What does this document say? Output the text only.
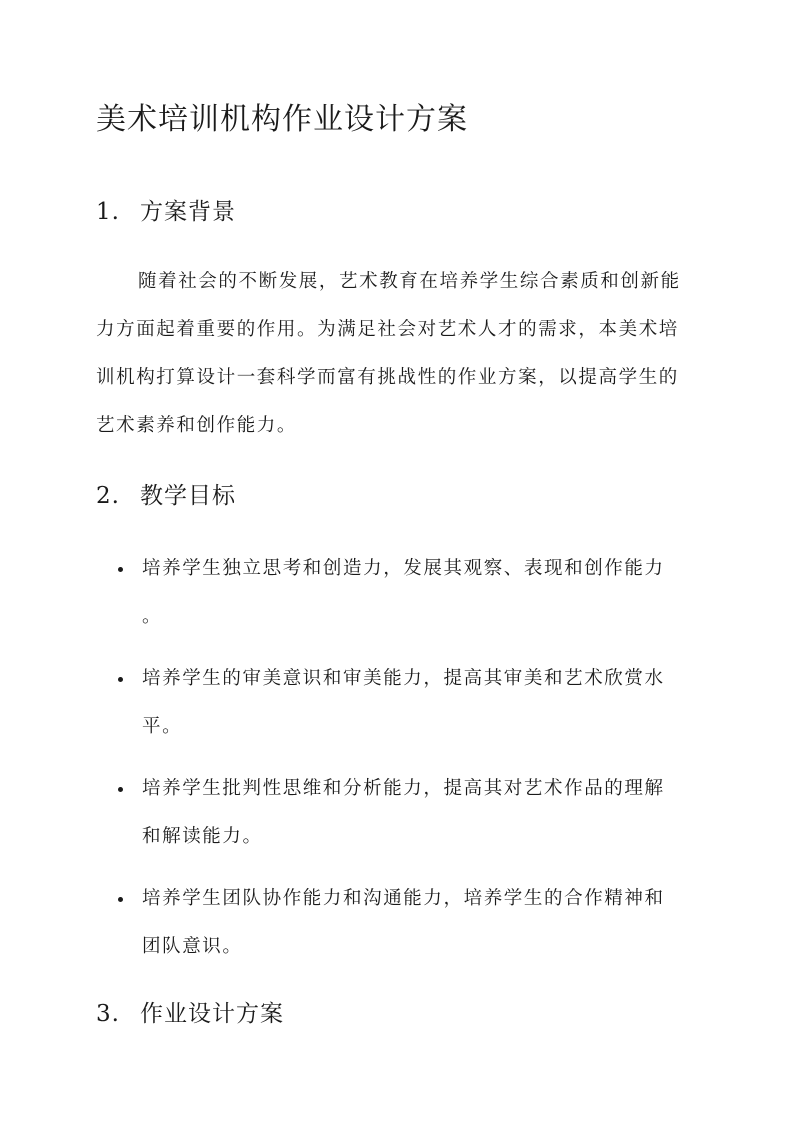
美术培训机构作业设计方案
1. 方案背景

随着社会的不断发展，艺术教育在培养学生综合素质和创新能
力方面起着重要的作用。为满足社会对艺术人才的需求，本美术培
训机构打算设计一套科学而富有挑战性的作业方案，以提高学生的
艺术素养和创作能力。

2. 教学目标
培养学生独立思考和创造力，发展其观察、表现和创作能力
。
培养学生的审美意识和审美能力，提高其审美和艺术欣赏水
平。
培养学生批判性思维和分析能力，提高其对艺术作品的理解
和解读能力。
培养学生团队协作能力和沟通能力，培养学生的合作精神和
团队意识。
3. 作业设计方案
